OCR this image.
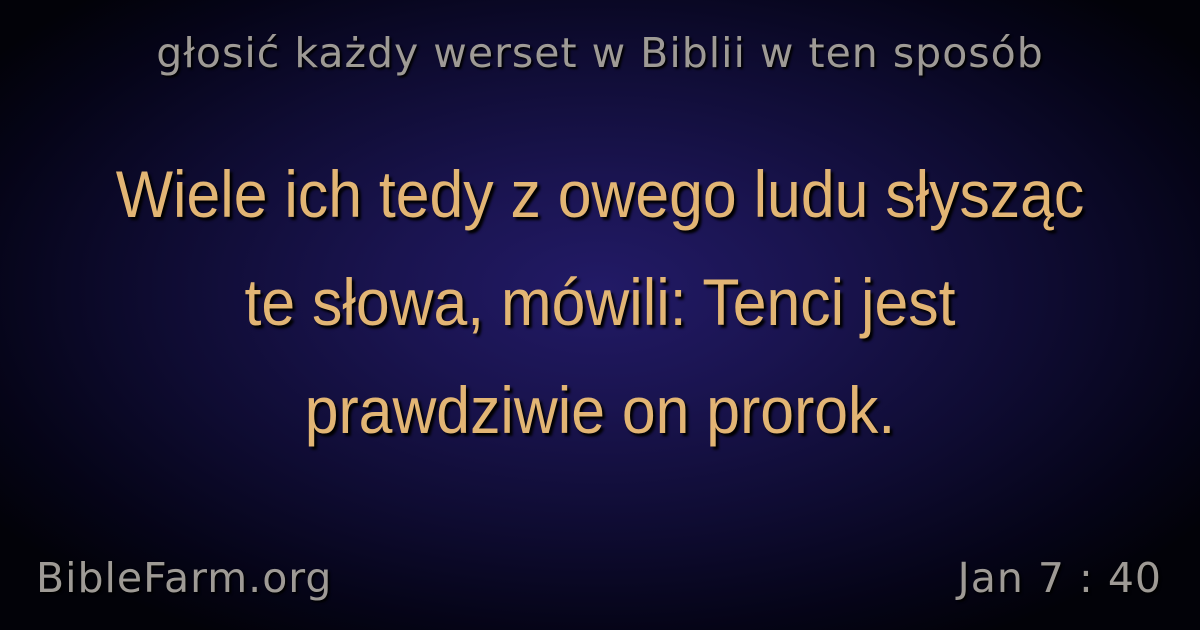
głosić każdy werset w Biblii w ten sposób
Wiele ich tedy z owego ludu słysząc te słowa, mówili: Tenci jest prawdziwie on prorok.
BibleFarm.org	Jan 7 : 40
